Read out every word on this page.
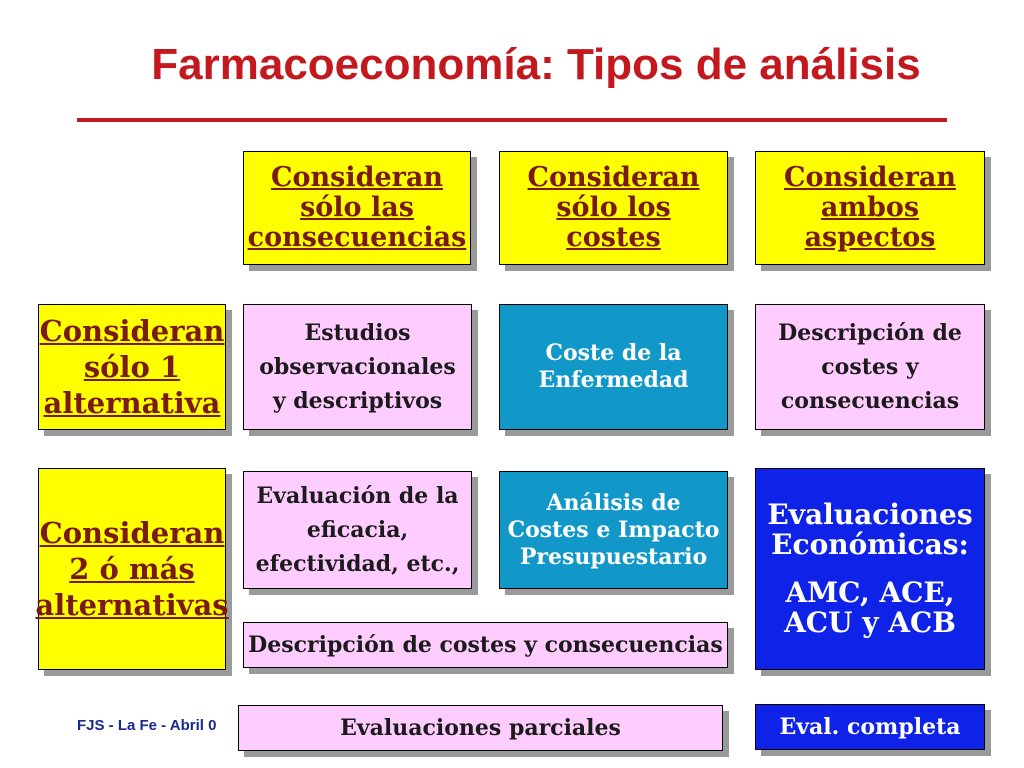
Farmacoeconomía: Tipos de análisis
Consideran
sólo las
consecuencias
Consideran
sólo los
costes
Consideran
ambos
aspectos
Consideran
sólo 1
alternativa
Consideran
2 ó más
alternativas
Estudios
observacionales
y descriptivos
Coste de la
Enfermedad
Descripción de
costes y
consecuencias
Evaluación de la
eficacia,
efectividad, etc.,
Análisis de
Costes e Impacto
Presupuestario
Evaluaciones
Económicas:
AMC, ACE,
ACU y ACB
Descripción de costes y consecuencias
Evaluaciones parciales	Eval. completa
FJS - La Fe - Abril 0
